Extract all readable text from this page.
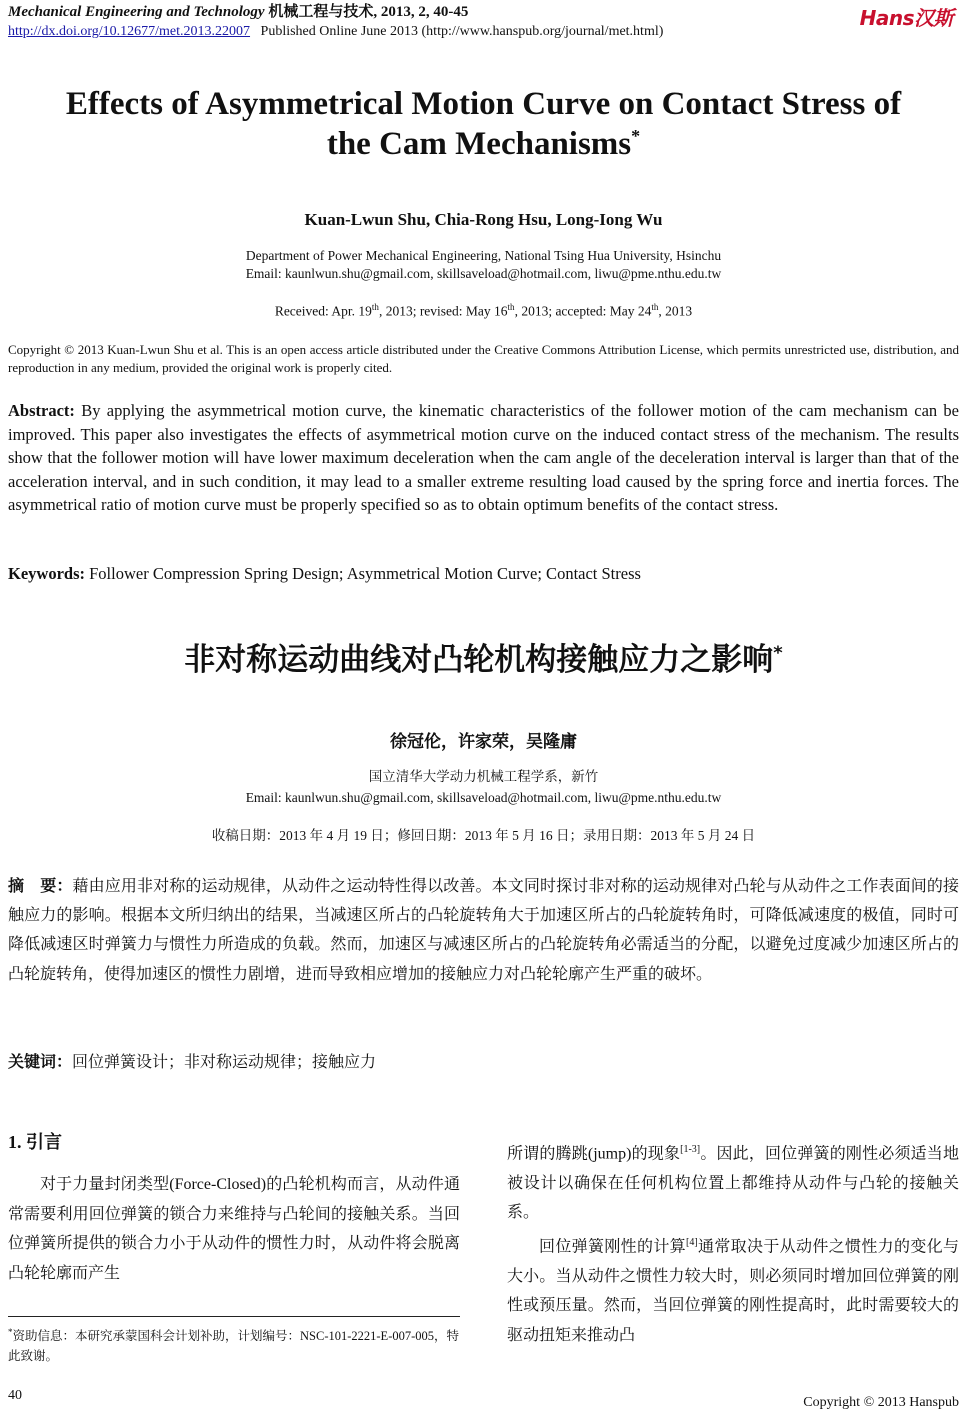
Mechanical Engineering and Technology 机械工程与技术, 2013, 2, 40-45
http://dx.doi.org/10.12677/met.2013.22007 Published Online June 2013 (http://www.hanspub.org/journal/met.html)
Hans汉斯
Effects of Asymmetrical Motion Curve on Contact Stress of
the Cam Mechanisms*
Kuan-Lwun Shu, Chia-Rong Hsu, Long-Iong Wu
Department of Power Mechanical Engineering, National Tsing Hua University, Hsinchu
Email: kaunlwun.shu@gmail.com, skillsaveload@hotmail.com, liwu@pme.nthu.edu.tw
Received: Apr. 19th, 2013; revised: May 16th, 2013; accepted: May 24th, 2013
Copyright © 2013 Kuan-Lwun Shu et al. This is an open access article distributed under the Creative Commons Attribution License, which permits unrestricted use, distribution, and reproduction in any medium, provided the original work is properly cited.
Abstract: By applying the asymmetrical motion curve, the kinematic characteristics of the follower motion of the cam mechanism can be improved. This paper also investigates the effects of asymmetrical motion curve on the induced contact stress of the mechanism. The results show that the follower motion will have lower maximum deceleration when the cam angle of the deceleration interval is larger than that of the acceleration interval, and in such condition, it may lead to a smaller extreme resulting load caused by the spring force and inertia forces. The asymmetrical ratio of motion curve must be properly specified so as to obtain optimum benefits of the contact stress.
Keywords: Follower Compression Spring Design; Asymmetrical Motion Curve; Contact Stress
非对称运动曲线对凸轮机构接触应力之影响*
徐冠伦，许家荣，吴隆庸
国立清华大学动力机械工程学系，新竹
Email: kaunlwun.shu@gmail.com, skillsaveload@hotmail.com, liwu@pme.nthu.edu.tw
收稿日期：2013 年 4 月 19 日；修回日期：2013 年 5 月 16 日；录用日期：2013 年 5 月 24 日
摘　要：藉由应用非对称的运动规律，从动件之运动特性得以改善。本文同时探讨非对称的运动规律对凸轮与从动件之工作表面间的接触应力的影响。根据本文所归纳出的结果，当减速区所占的凸轮旋转角大于加速区所占的凸轮旋转角时，可降低减速度的极值，同时可降低减速区时弹簧力与惯性力所造成的负载。然而，加速区与减速区所占的凸轮旋转角必需适当的分配，以避免过度减少加速区所占的凸轮旋转角，使得加速区的惯性力剧增，进而导致相应增加的接触应力对凸轮轮廓产生严重的破坏。
关键词：回位弹簧设计；非对称运动规律；接触应力
1. 引言

对于力量封闭类型(Force-Closed)的凸轮机构而言，从动件通常需要利用回位弹簧的锁合力来维持与凸轮间的接触关系。当回位弹簧所提供的锁合力小于从动件的惯性力时，从动件将会脱离凸轮轮廓而产生

所谓的腾跳(jump)的现象[1-3]。因此，回位弹簧的刚性必须适当地被设计以确保在任何机构位置上都维持从动件与凸轮的接触关系。

回位弹簧刚性的计算[4]通常取决于从动件之惯性力的变化与大小。当从动件之惯性力较大时，则必须同时增加回位弹簧的刚性或预压量。然而，当回位弹簧的刚性提高时，此时需要较大的驱动扭矩来推动凸

*资助信息：本研究承蒙国科会计划补助，计划编号：NSC-101-2221-E-007-005，特此致谢。
40	Copyright © 2013 Hanspub
